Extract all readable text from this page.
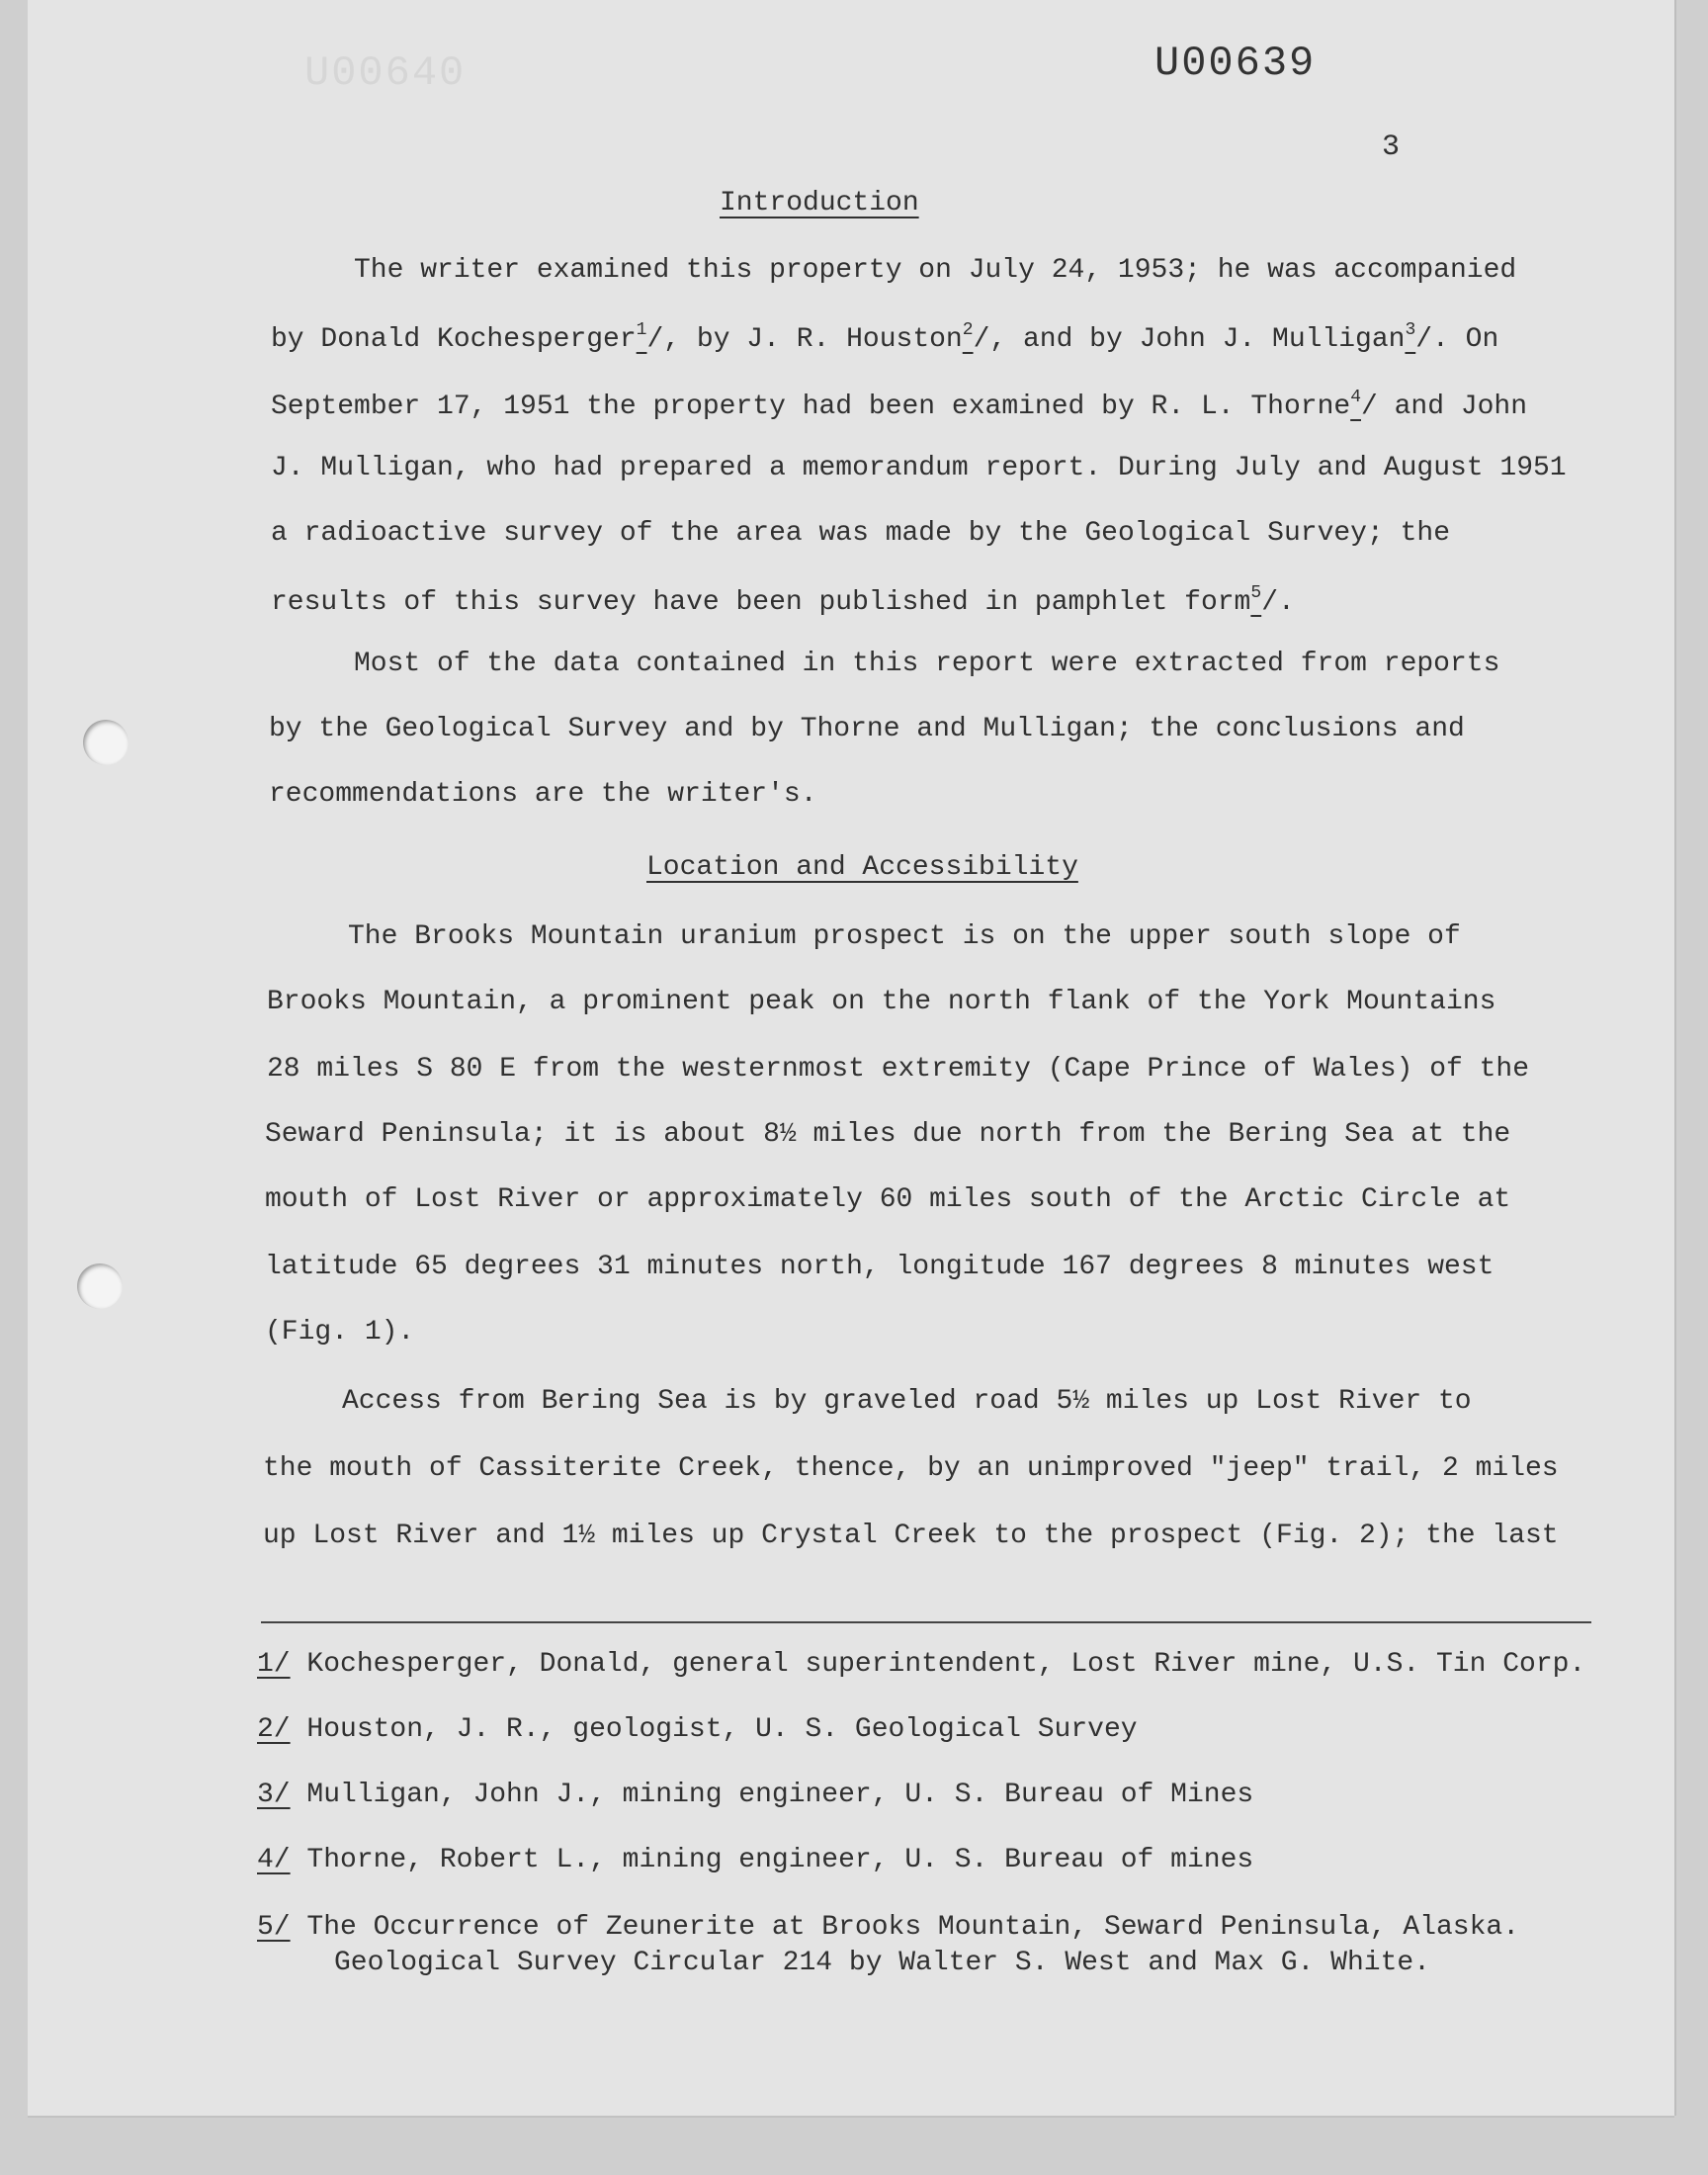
U00640	U00639
3
Introduction
The writer examined this property on July 24, 1953; he was accompanied
by Donald Kochesperger$^1$/, by J. R. Houston$^2$/, and by John J. Mulligan$^3$/. On
September 17, 1951 the property had been examined by R. L. Thorne$^4$/ and John
J. Mulligan, who had prepared a memorandum report. During July and August 1951
a radioactive survey of the area was made by the Geological Survey; the
results of this survey have been published in pamphlet form$^5$/.
Most of the data contained in this report were extracted from reports
by the Geological Survey and by Thorne and Mulligan; the conclusions and
recommendations are the writer's.
Location and Accessibility
The Brooks Mountain uranium prospect is on the upper south slope of
Brooks Mountain, a prominent peak on the north flank of the York Mountains
28 miles S 80 E from the westernmost extremity (Cape Prince of Wales) of the
Seward Peninsula; it is about 8½ miles due north from the Bering Sea at the
mouth of Lost River or approximately 60 miles south of the Arctic Circle at
latitude 65 degrees 31 minutes north, longitude 167 degrees 8 minutes west
(Fig. 1).
Access from Bering Sea is by graveled road 5½ miles up Lost River to
the mouth of Cassiterite Creek, thence, by an unimproved "jeep" trail, 2 miles
up Lost River and 1½ miles up Crystal Creek to the prospect (Fig. 2); the last
1/ Kochesperger, Donald, general superintendent, Lost River mine, U.S. Tin Corp.
2/ Houston, J. R., geologist, U. S. Geological Survey
3/ Mulligan, John J., mining engineer, U. S. Bureau of Mines
4/ Thorne, Robert L., mining engineer, U. S. Bureau of mines
5/ The Occurrence of Zeunerite at Brooks Mountain, Seward Peninsula, Alaska.
Geological Survey Circular 214 by Walter S. West and Max G. White.
